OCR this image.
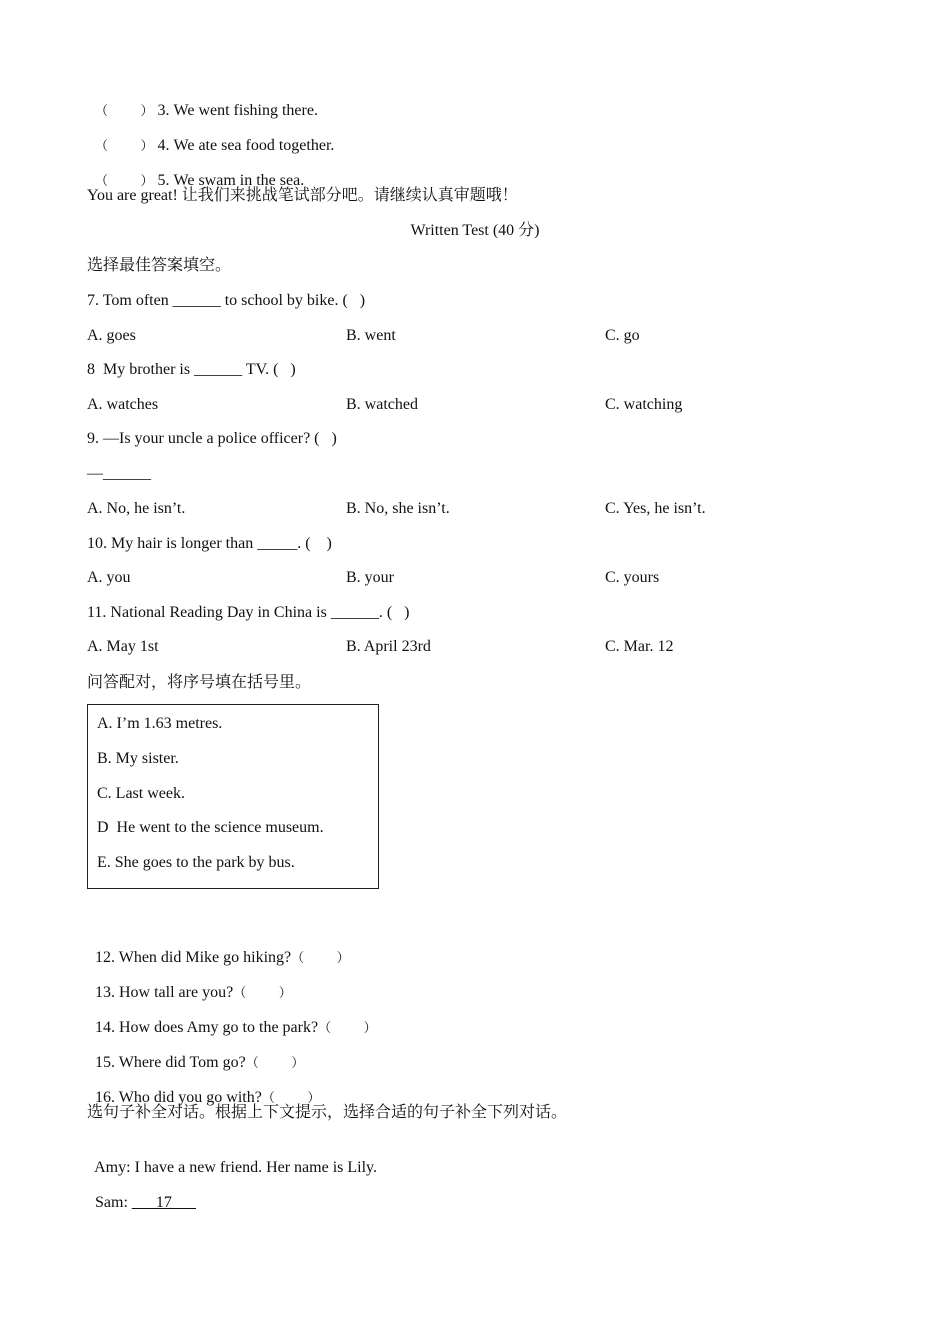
（          ） 3. We went fishing there.

（          ） 4. We ate sea food together.

（          ） 5. We swam in the sea.

You are great! 让我们来挑战笔试部分吧。请继续认真审题哦！
Written Test (40 分)
选择最佳答案填空。
7. Tom often ______ to school by bike. (   )
A. goes	B. went	C. go
8  My brother is ______ TV. (   )
A. watches	B. watched	C. watching
9. —Is your uncle a police officer? (   )
—______
A. No, he isn’t.	B. No, she isn’t.	C. Yes, he isn’t.
10. My hair is longer than _____. (    )
A. you	B. your	C. yours
11. National Reading Day in China is ______. (   )
A. May 1st	B. April 23rd	C. Mar. 12
问答配对，将序号填在括号里。
A. I’m 1.63 metres.
B. My sister.
C. Last week.
D  He went to the science museum.
E. She goes to the park by bus.

12. When did Mike go hiking?（          ）

13. How tall are you?（          ）

14. How does Amy go to the park?（          ）

15. Where did Tom go?（          ）

16. Who did you go with?（          ）

选句子补全对话。根据上下文提示，选择合适的句子补全下列对话。

Amy: I have a new friend. Her name is Lily.

Sam: ___17___
